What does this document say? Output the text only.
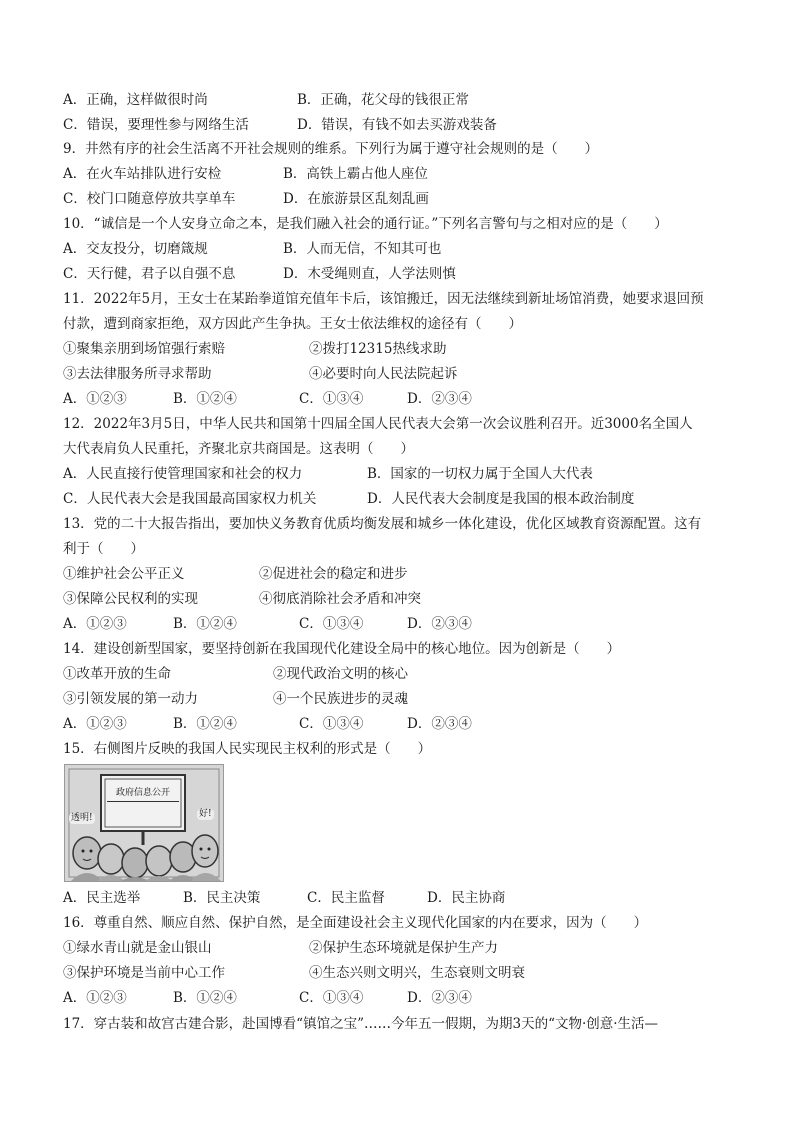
A．正确，这样做很时尚	B．正确，花父母的钱很正常
C．错误，要理性参与网络生活	D．错误，有钱不如去买游戏装备
9．井然有序的社会生活离不开社会规则的维系。下列行为属于遵守社会规则的是（　　）
A．在火车站排队进行安检	B．高铁上霸占他人座位
C．校门口随意停放共享单车	D．在旅游景区乱刻乱画
10．“诚信是一个人安身立命之本，是我们融入社会的通行证。”下列名言警句与之相对应的是（　　）
A．交友投分，切磨箴规	B．人而无信，不知其可也
C．天行健，君子以自强不息	D．木受绳则直，人学法则慎
11．2022年5月，王女士在某跆拳道馆充值年卡后，该馆搬迁，因无法继续到新址场馆消费，她要求退回预
付款，遭到商家拒绝，双方因此产生争执。王女士依法维权的途径有（　　）
①聚集亲朋到场馆强行索赔	②拨打12315热线求助
③去法律服务所寻求帮助	④必要时向人民法院起诉
A．①②③	B．①②④	C．①③④	D．②③④
12．2022年3月5日，中华人民共和国第十四届全国人民代表大会第一次会议胜利召开。近3000名全国人
大代表肩负人民重托，齐聚北京共商国是。这表明（　　）
A．人民直接行使管理国家和社会的权力	B．国家的一切权力属于全国人大代表
C．人民代表大会是我国最高国家权力机关	D．人民代表大会制度是我国的根本政治制度
13．党的二十大报告指出，要加快义务教育优质均衡发展和城乡一体化建设，优化区域教育资源配置。这有
利于（　　）
①维护社会公平正义	②促进社会的稳定和进步
③保障公民权利的实现	④彻底消除社会矛盾和冲突
A．①②③	B．①②④	C．①③④	D．②③④
14．建设创新型国家，要坚持创新在我国现代化建设全局中的核心地位。因为创新是（　　）
①改革开放的生命	②现代政治文明的核心
③引领发展的第一动力	④一个民族进步的灵魂
A．①②③	B．①②④	C．①③④	D．②③④
15．右侧图片反映的我国人民实现民主权利的形式是（　　）
政府信息公开
透明!	好!
A．民主选举	B．民主决策	C．民主监督	D．民主协商
16．尊重自然、顺应自然、保护自然，是全面建设社会主义现代化国家的内在要求，因为（　　）
①绿水青山就是金山银山	②保护生态环境就是保护生产力
③保护环境是当前中心工作	④生态兴则文明兴，生态衰则文明衰
A．①②③	B．①②④	C．①③④	D．②③④
17．穿古装和故宫古建合影，赴国博看“镇馆之宝”……今年五一假期，为期3天的“文物·创意·生活—
